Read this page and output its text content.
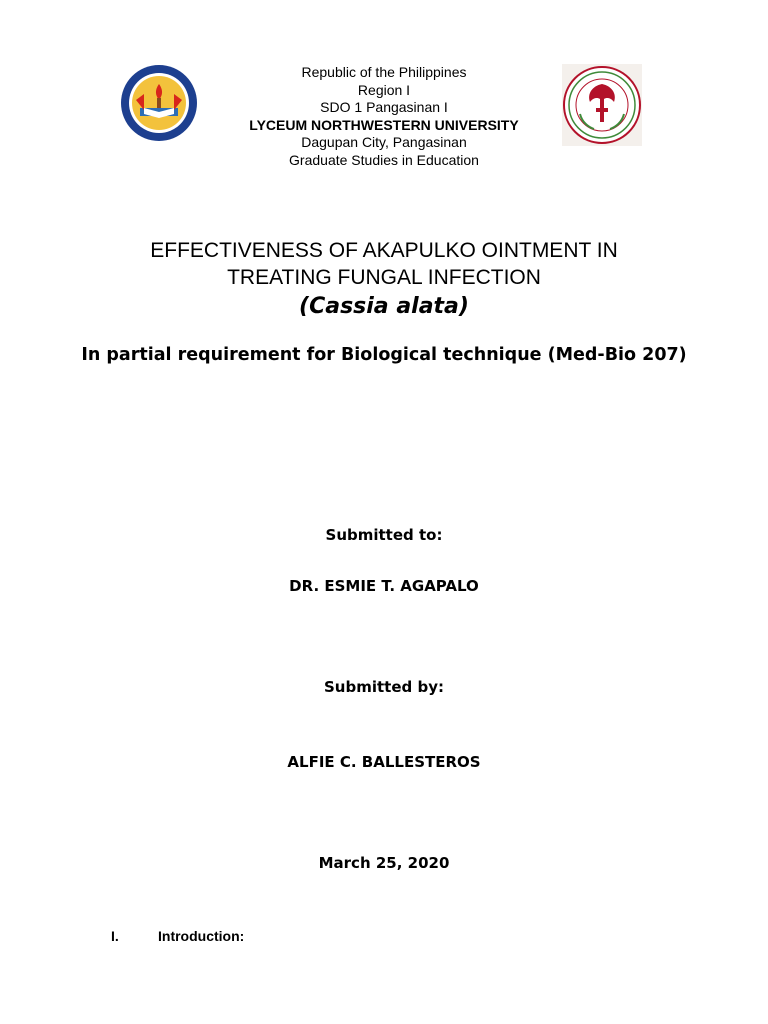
Republic of the Philippines
Region I
SDO 1 Pangasinan I
LYCEUM NORTHWESTERN UNIVERSITY
Dagupan City, Pangasinan
Graduate Studies in Education
EFFECTIVENESS OF AKAPULKO OINTMENT IN
TREATING FUNGAL INFECTION
(Cassia alata)
In partial requirement for Biological technique (Med-Bio 207)
Submitted to:
DR. ESMIE T. AGAPALO
Submitted by:
ALFIE C. BALLESTEROS
March 25, 2020
I.	Introduction:
